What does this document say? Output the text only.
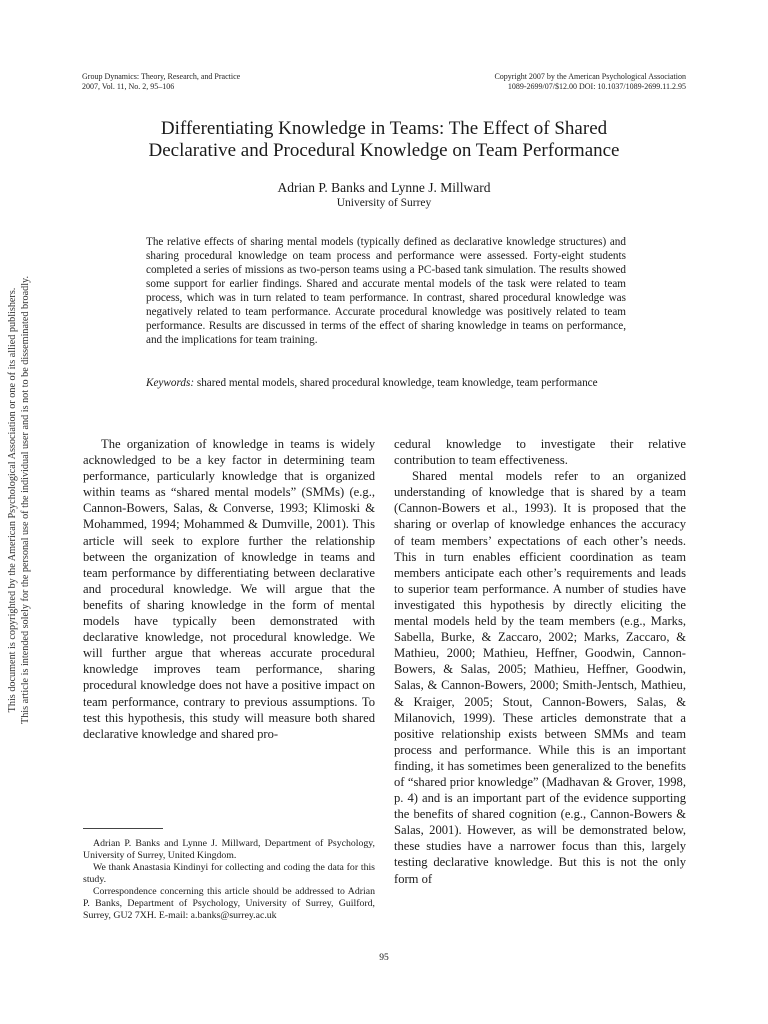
Group Dynamics: Theory, Research, and Practice
2007, Vol. 11, No. 2, 95–106
Copyright 2007 by the American Psychological Association
1089-2699/07/$12.00 DOI: 10.1037/1089-2699.11.2.95
Differentiating Knowledge in Teams: The Effect of Shared
Declarative and Procedural Knowledge on Team Performance
Adrian P. Banks and Lynne J. Millward
University of Surrey

The relative effects of sharing mental models (typically defined as declarative knowledge structures) and sharing procedural knowledge on team process and performance were assessed. Forty-eight students completed a series of missions as two-person teams using a PC-based tank simulation. The results showed some support for earlier findings. Shared and accurate mental models of the task were related to team process, which was in turn related to team performance. In contrast, shared procedural knowledge was negatively related to team performance. Accurate procedural knowledge was positively related to team performance. Results are discussed in terms of the effect of sharing knowledge in teams on performance, and the implications for team training.

Keywords: shared mental models, shared procedural knowledge, team knowledge, team performance

The organization of knowledge in teams is widely acknowledged to be a key factor in determining team performance, particularly knowledge that is organized within teams as “shared mental models” (SMMs) (e.g., Cannon-Bowers, Salas, & Converse, 1993; Klimoski & Mohammed, 1994; Mohammed & Dumville, 2001). This article will seek to explore further the relationship between the organization of knowledge in teams and team performance by differentiating between declarative and procedural knowledge. We will argue that the benefits of sharing knowledge in the form of mental models have typically been demonstrated with declarative knowledge, not procedural knowledge. We will further argue that whereas accurate procedural knowledge improves team performance, sharing procedural knowledge does not have a positive impact on team performance, contrary to previous assumptions. To test this hypothesis, this study will measure both shared declarative knowledge and shared pro-

cedural knowledge to investigate their relative contribution to team effectiveness.

Shared mental models refer to an organized understanding of knowledge that is shared by a team (Cannon-Bowers et al., 1993). It is proposed that the sharing or overlap of knowledge enhances the accuracy of team members’ expectations of each other’s needs. This in turn enables efficient coordination as team members anticipate each other’s requirements and leads to superior team performance. A number of studies have investigated this hypothesis by directly eliciting the mental models held by the team members (e.g., Marks, Sabella, Burke, & Zaccaro, 2002; Marks, Zaccaro, & Mathieu, 2000; Mathieu, Heffner, Goodwin, Cannon-Bowers, & Salas, 2005; Mathieu, Heffner, Goodwin, Salas, & Cannon-Bowers, 2000; Smith-Jentsch, Mathieu, & Kraiger, 2005; Stout, Cannon-Bowers, Salas, & Milanovich, 1999). These articles demonstrate that a positive relationship exists between SMMs and team process and performance. While this is an important finding, it has sometimes been generalized to the benefits of “shared prior knowledge” (Madhavan & Grover, 1998, p. 4) and is an important part of the evidence supporting the benefits of shared cognition (e.g., Cannon-Bowers & Salas, 2001). However, as will be demonstrated below, these studies have a narrower focus than this, largely testing declarative knowledge. But this is not the only form of

Adrian P. Banks and Lynne J. Millward, Department of Psychology, University of Surrey, United Kingdom.

We thank Anastasia Kindinyi for collecting and coding the data for this study.

Correspondence concerning this article should be addressed to Adrian P. Banks, Department of Psychology, University of Surrey, Guilford, Surrey, GU2 7XH. E-mail: a.banks@surrey.ac.uk

95
This document is copyrighted by the American Psychological Association or one of its allied publishers. This article is intended solely for the personal use of the individual user and is not to be disseminated broadly.
